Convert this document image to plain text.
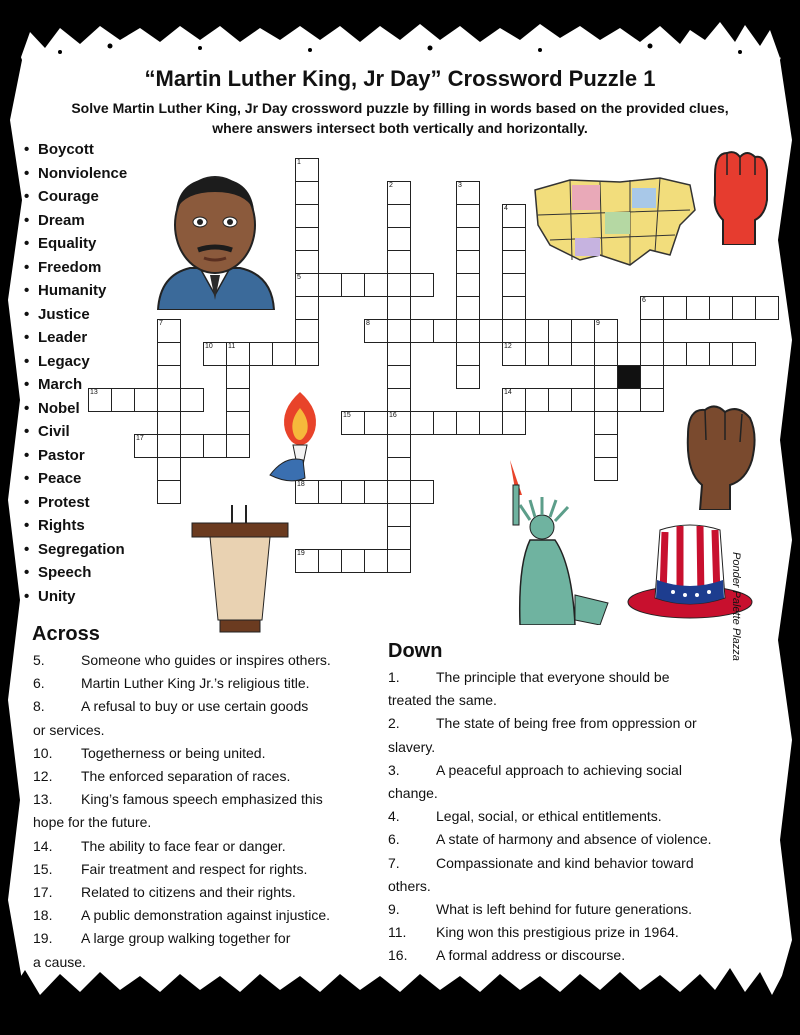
“Martin Luther King, Jr Day” Crossword Puzzle 1
Solve Martin Luther King, Jr Day crossword puzzle by filling in words based on the provided clues, where answers intersect both vertically and horizontally.
• Boycott
• Nonviolence
• Courage
• Dream
• Equality
• Freedom
• Humanity
• Justice
• Leader
• Legacy
• March
• Nobel
• Civil
• Pastor
• Peace
• Protest
• Rights
• Segregation
• Speech
• Unity
1
5
2	3
4
6
7	8	9
10 11	12
13	14
15	16
17
18
19	Ponder Palette Plazza
Across
5.	Someone who guides or inspires others.
6.	Martin Luther King Jr.’s religious title.
8.	A refusal to buy or use certain goods
or services.
10. Togetherness or being united.
12. The enforced separation of races.
13. King’s famous speech emphasized this
hope for the future.
14. The ability to face fear or danger.
15. Fair treatment and respect for rights.
17. Related to citizens and their rights.
18. A public demonstration against injustice.
19. A large group walking together for
a cause.
Down
1.	The principle that everyone should be
treated the same.
2.	The state of being free from oppression or
slavery.
3.	A peaceful approach to achieving social
change.
4.	Legal, social, or ethical entitlements.
6.	A state of harmony and absence of violence.
7.	Compassionate and kind behavior toward
others.
9.	What is left behind for future generations.
11. King won this prestigious prize in 1964.
16. A formal address or discourse.
